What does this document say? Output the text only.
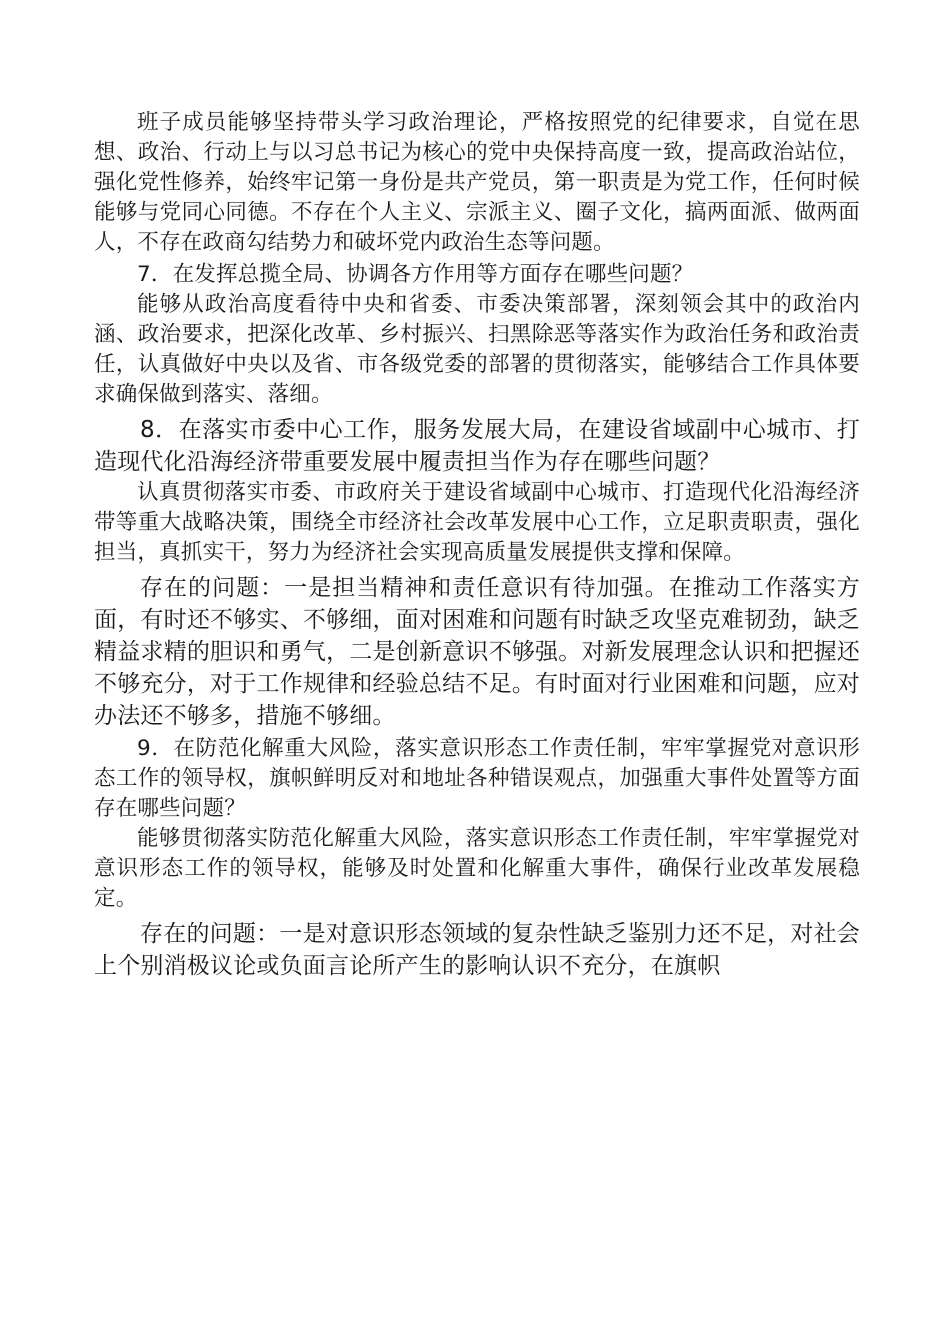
班子成员能够坚持带头学习政治理论，严格按照党的纪律要求，自觉在思想、政治、行动上与以习总书记为核心的党中央保持高度一致，提高政治站位，强化党性修养，始终牢记第一身份是共产党员，第一职责是为党工作，任何时候能够与党同心同德。不存在个人主义、宗派主义、圈子文化，搞两面派、做两面人，不存在政商勾结势力和破坏党内政治生态等问题。

7．在发挥总揽全局、协调各方作用等方面存在哪些问题？

能够从政治高度看待中央和省委、市委决策部署，深刻领会其中的政治内涵、政治要求，把深化改革、乡村振兴、扫黑除恶等落实作为政治任务和政治责任，认真做好中央以及省、市各级党委的部署的贯彻落实，能够结合工作具体要求确保做到落实、落细。

8．在落实市委中心工作，服务发展大局，在建设省域副中心城市、打造现代化沿海经济带重要发展中履责担当作为存在哪些问题？

认真贯彻落实市委、市政府关于建设省域副中心城市、打造现代化沿海经济带等重大战略决策，围绕全市经济社会改革发展中心工作，立足职责职责，强化担当，真抓实干，努力为经济社会实现高质量发展提供支撑和保障。

存在的问题：一是担当精神和责任意识有待加强。在推动工作落实方面，有时还不够实、不够细，面对困难和问题有时缺乏攻坚克难韧劲，缺乏精益求精的胆识和勇气，二是创新意识不够强。对新发展理念认识和把握还不够充分，对于工作规律和经验总结不足。有时面对行业困难和问题，应对办法还不够多，措施不够细。

9．在防范化解重大风险，落实意识形态工作责任制，牢牢掌握党对意识形态工作的领导权，旗帜鲜明反对和地址各种错误观点，加强重大事件处置等方面存在哪些问题？

能够贯彻落实防范化解重大风险，落实意识形态工作责任制，牢牢掌握党对意识形态工作的领导权，能够及时处置和化解重大事件，确保行业改革发展稳定。

存在的问题：一是对意识形态领域的复杂性缺乏鉴别力还不足，对社会上个别消极议论或负面言论所产生的影响认识不充分，在旗帜
